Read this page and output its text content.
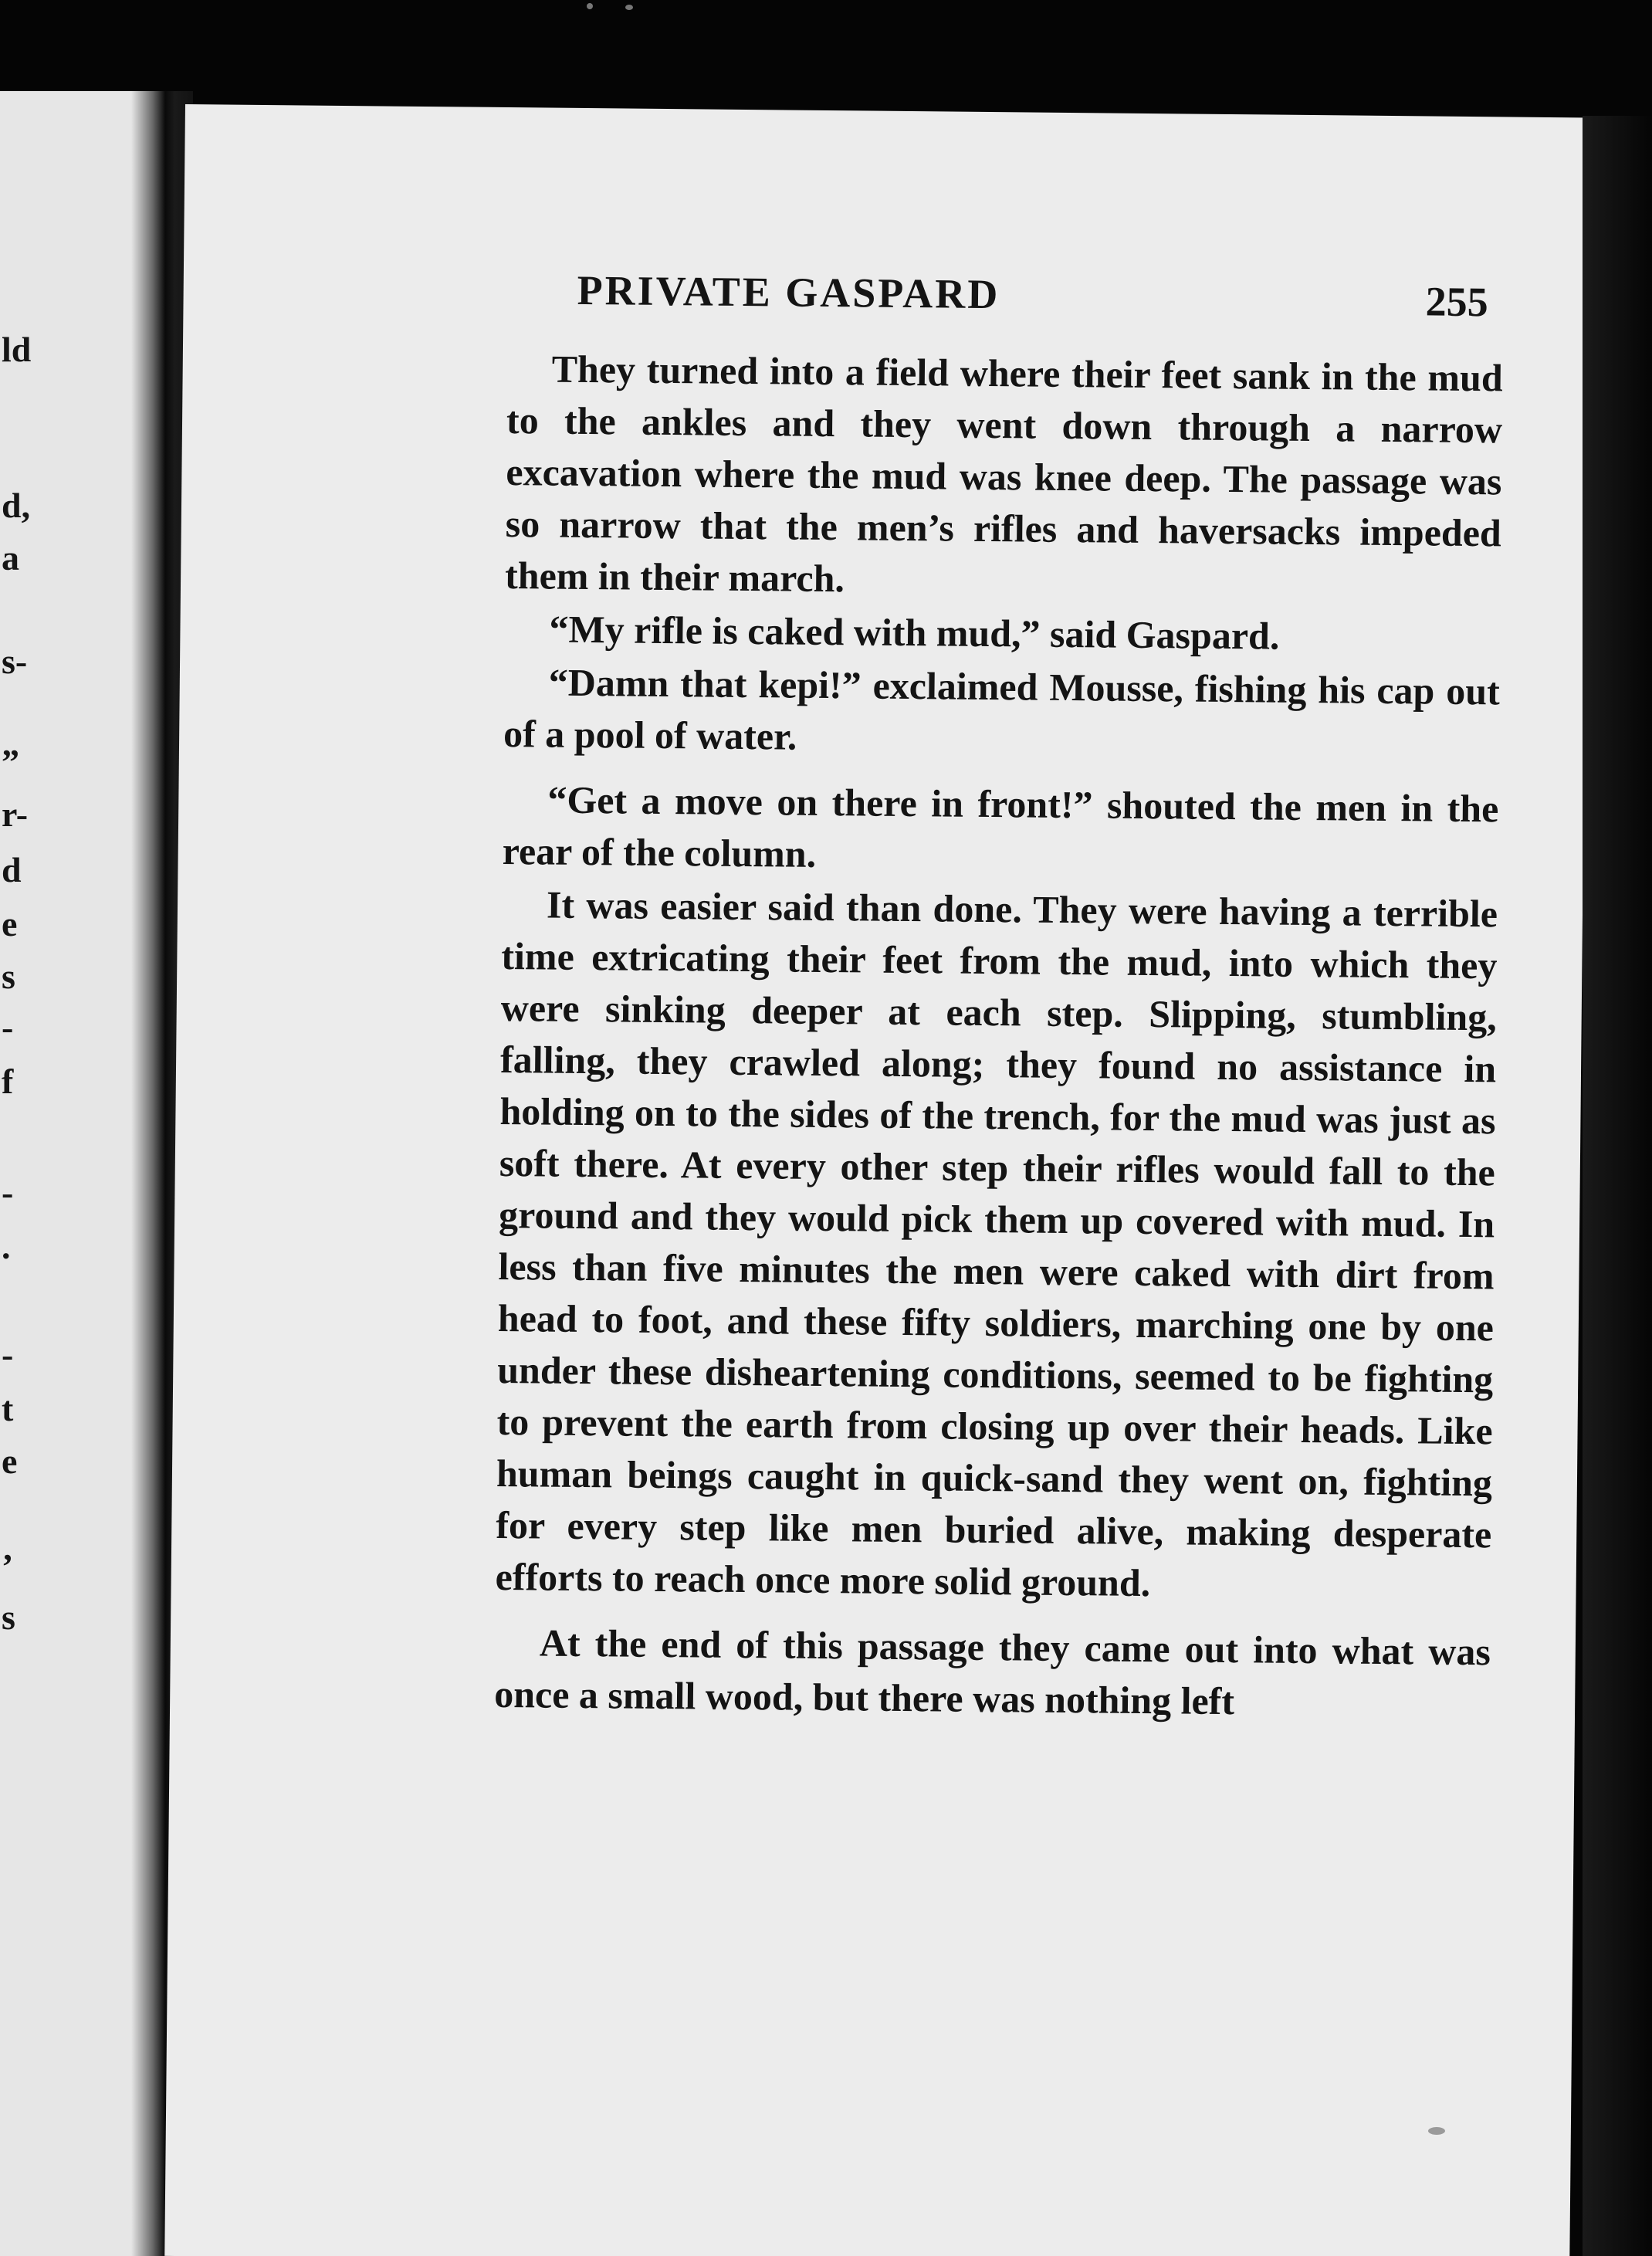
ld
d,
a
s-
”
r-
d
e
s
-
f
-
.
-
t
e
’
s
PRIVATE GASPARD	255

They turned into a field where their feet sank in the mud to the ankles and they went down through a narrow excavation where the mud was knee deep. The passage was so narrow that the men’s rifles and haversacks impeded them in their march.

“My rifle is caked with mud,” said Gaspard.

“Damn that kepi!” exclaimed Mousse, fishing his cap out of a pool of water.

“Get a move on there in front!” shouted the men in the rear of the column.

It was easier said than done. They were having a terrible time extricating their feet from the mud, into which they were sinking deeper at each step. Slipping, stumbling, falling, they crawled along; they found no assistance in holding on to the sides of the trench, for the mud was just as soft there. At every other step their rifles would fall to the ground and they would pick them up covered with mud. In less than five minutes the men were caked with dirt from head to foot, and these fifty soldiers, marching one by one under these disheartening conditions, seemed to be fighting to prevent the earth from closing up over their heads. Like human beings caught in quick-sand they went on, fighting for every step like men buried alive, making desperate efforts to reach once more solid ground.

At the end of this passage they came out into what was once a small wood, but there was nothing left
